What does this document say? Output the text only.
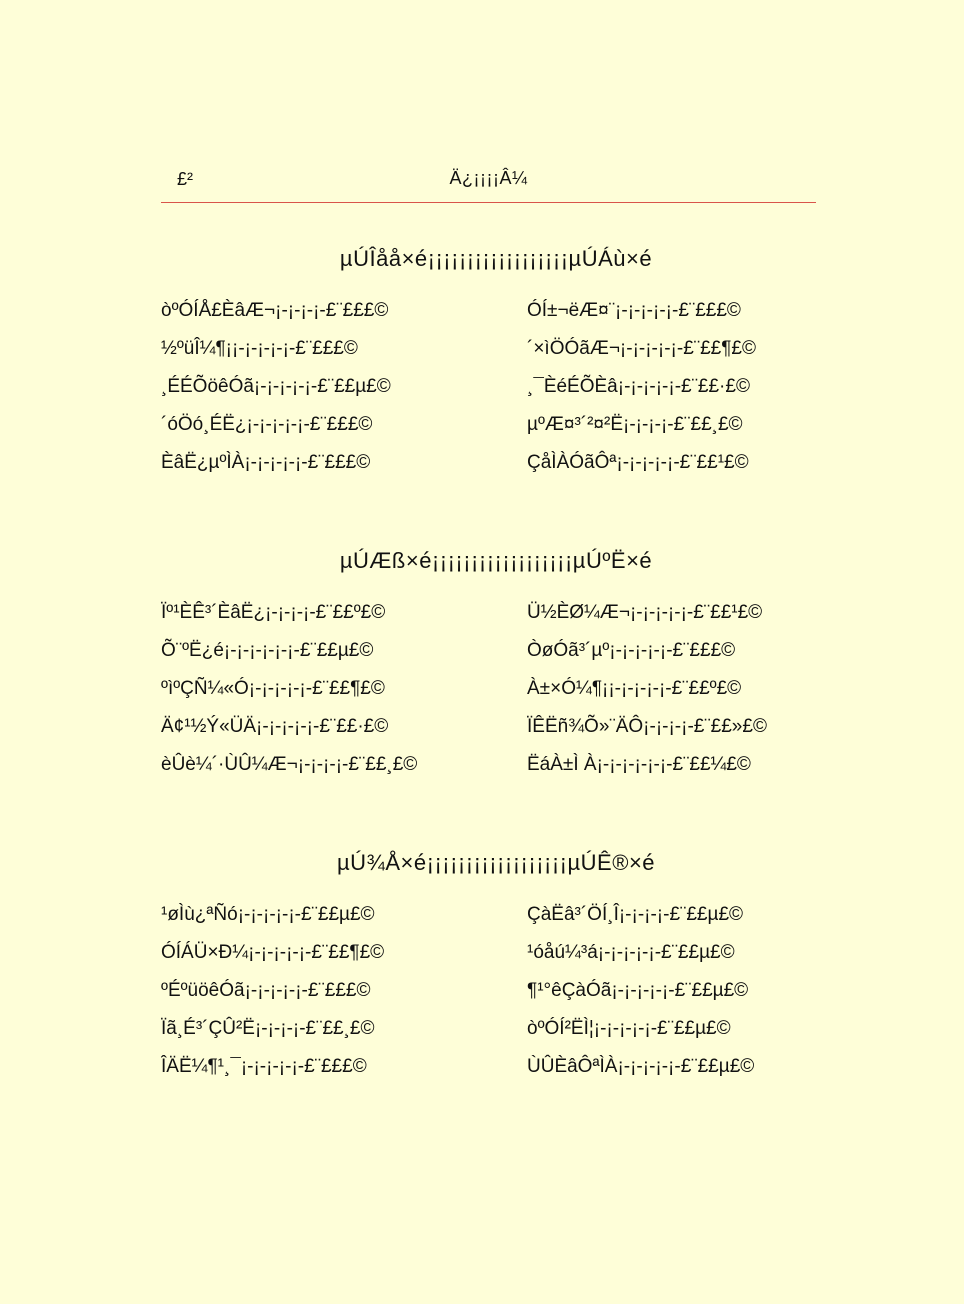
£²	Ä¿¡¡¡¡Â¼
µÚÎåå×é¡¡¡¡¡¡¡¡¡¡¡¡¡¡¡¡¡¡µÚÁù×é
òºÓÍÅ£ÈâÆ¬¡-¡-¡-¡-£¨£££©
½ºüÎ¼¶¡¡-¡-¡-¡-¡-£¨£££©
¸ÉÉÕöêÓã¡-¡-¡-¡-¡-£¨££µ£©
´óÖó¸ÉË¿¡-¡-¡-¡-¡-£¨£££©
ÈâË¿µºÌÀ¡-¡-¡-¡-¡-£¨£££©
ÓÍ±¬ëÆ¤¨¡-¡-¡-¡-¡-£¨£££©
´×ìÖÓãÆ¬¡-¡-¡-¡-¡-£¨££¶£©
¸¯ÈéÉÕÈâ¡-¡-¡-¡-¡-£¨££·£©
µºÆ¤³´²¤²Ë¡-¡-¡-¡-£¨££¸£©
ÇåÌÀÓãÔª¡-¡-¡-¡-¡-£¨££¹£©
µÚÆß×é¡¡¡¡¡¡¡¡¡¡¡¡¡¡¡¡¡¡µÚºË×é
Ïº¹ÈÊ³´ÈâË¿¡-¡-¡-¡-£¨££º£©
Õ¨ºË¿é¡-¡-¡-¡-¡-¡-£¨££µ£©
ºìºÇÑ¼«Ó¡-¡-¡-¡-¡-£¨££¶£©
Ä¢¹½Ý«ÜÄ¡-¡-¡-¡-¡-£¨££·£©
èÛè¼´·ÙÛ¼Æ¬¡-¡-¡-¡-£¨££¸£©
Ü½ÈØ¼Æ¬¡-¡-¡-¡-¡-£¨££¹£©
ÒøÓã³´µº¡-¡-¡-¡-¡-£¨£££©
À±×Ó¼¶¡¡-¡-¡-¡-¡-£¨££º£©
ÏÊËñ¾Õ»¨ÄÔ¡-¡-¡-¡-£¨££»£©
ËáÀ±Ì À¡-¡-¡-¡-¡-¡-£¨££¼£©
µÚ¾Å×é¡¡¡¡¡¡¡¡¡¡¡¡¡¡¡¡¡¡µÚÊ®×é
¹øÌù¿ªÑó¡-¡-¡-¡-¡-£¨££µ£©
ÓÍÁÜ×Ð¼¡-¡-¡-¡-¡-£¨££¶£©
ºÉºüöêÓã¡-¡-¡-¡-¡-£¨£££©
Ïã¸É³´ÇÛ²Ë¡-¡-¡-¡-£¨££¸£©
ÎÄË¼¶¹¸¯¡-¡-¡-¡-¡-£¨£££©
ÇàËâ³´ÖÍ¸Î¡-¡-¡-¡-£¨££µ£©
¹óåú¼³á¡-¡-¡-¡-¡-£¨££µ£©
¶¹°êÇàÓã¡-¡-¡-¡-¡-£¨££µ£©
òºÓÍ²ËÌ¦¡-¡-¡-¡-¡-£¨££µ£©
ÙÛÈâÔªÌÀ¡-¡-¡-¡-¡-£¨££µ£©
